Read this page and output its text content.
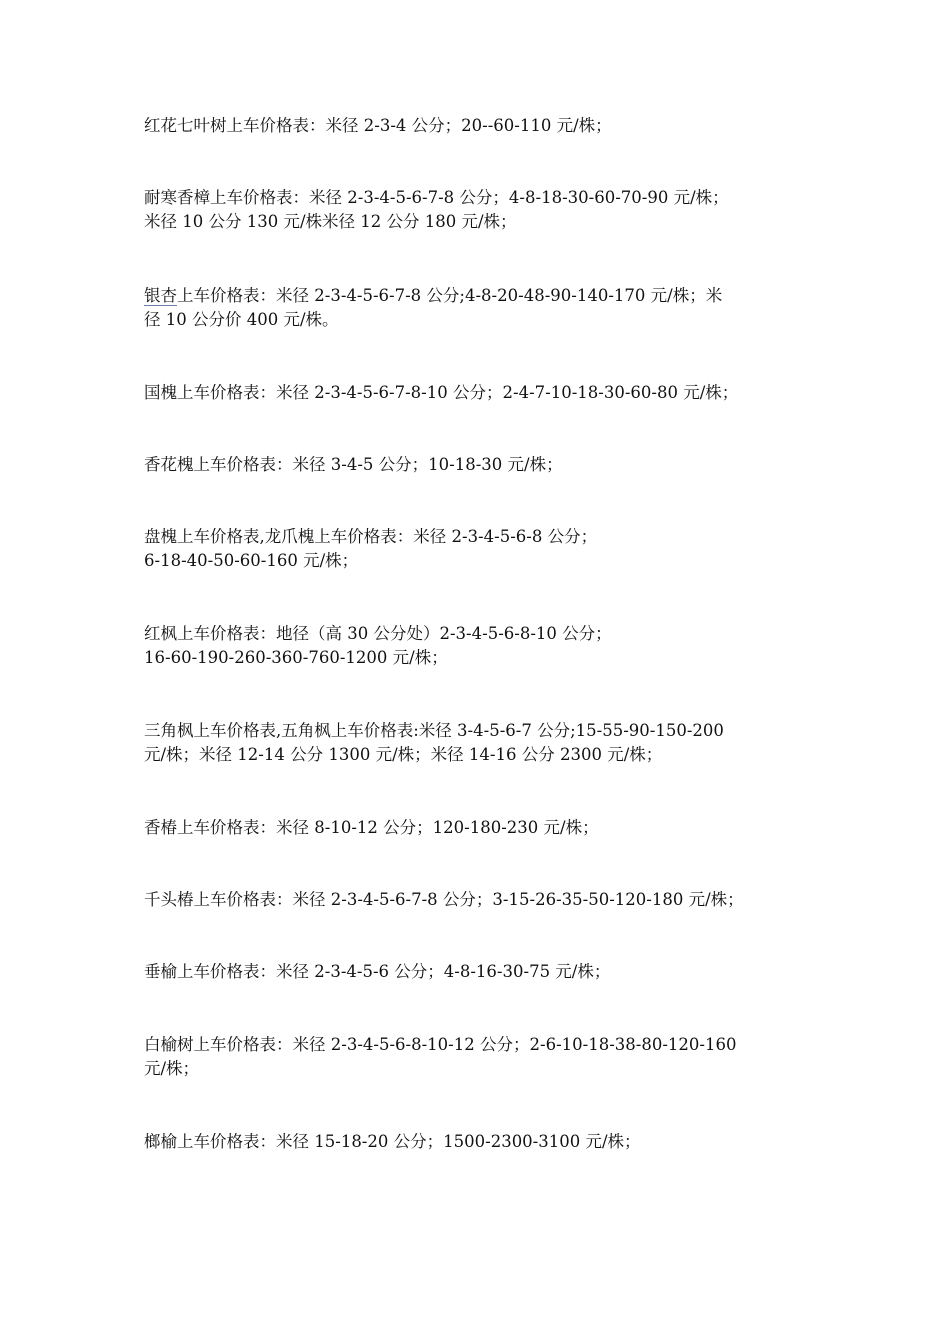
红花七叶树上车价格表：米径 2-3-4 公分；20--60-110 元/株；

耐寒香樟上车价格表：米径 2-3-4-5-6-7-8 公分；4-8-18-30-60-70-90 元/株；
米径 10 公分 130 元/株米径 12 公分 180 元/株；

银杏上车价格表：米径 2-3-4-5-6-7-8 公分;4-8-20-48-90-140-170 元/株；米
径 10 公分价 400 元/株。

国槐上车价格表：米径 2-3-4-5-6-7-8-10 公分；2-4-7-10-18-30-60-80 元/株；

香花槐上车价格表：米径 3-4-5 公分；10-18-30 元/株；

盘槐上车价格表,龙爪槐上车价格表：米径 2-3-4-5-6-8 公分；
6-18-40-50-60-160 元/株；

红枫上车价格表：地径（高 30 公分处）2-3-4-5-6-8-10 公分；
16-60-190-260-360-760-1200 元/株；

三角枫上车价格表,五角枫上车价格表:米径 3-4-5-6-7 公分;15-55-90-150-200
元/株；米径 12-14 公分 1300 元/株；米径 14-16 公分 2300 元/株；

香椿上车价格表：米径 8-10-12 公分；120-180-230 元/株；

千头椿上车价格表：米径 2-3-4-5-6-7-8 公分；3-15-26-35-50-120-180 元/株；

垂榆上车价格表：米径 2-3-4-5-6 公分；4-8-16-30-75 元/株；

白榆树上车价格表：米径 2-3-4-5-6-8-10-12 公分；2-6-10-18-38-80-120-160
元/株；

榔榆上车价格表：米径 15-18-20 公分；1500-2300-3100 元/株；
